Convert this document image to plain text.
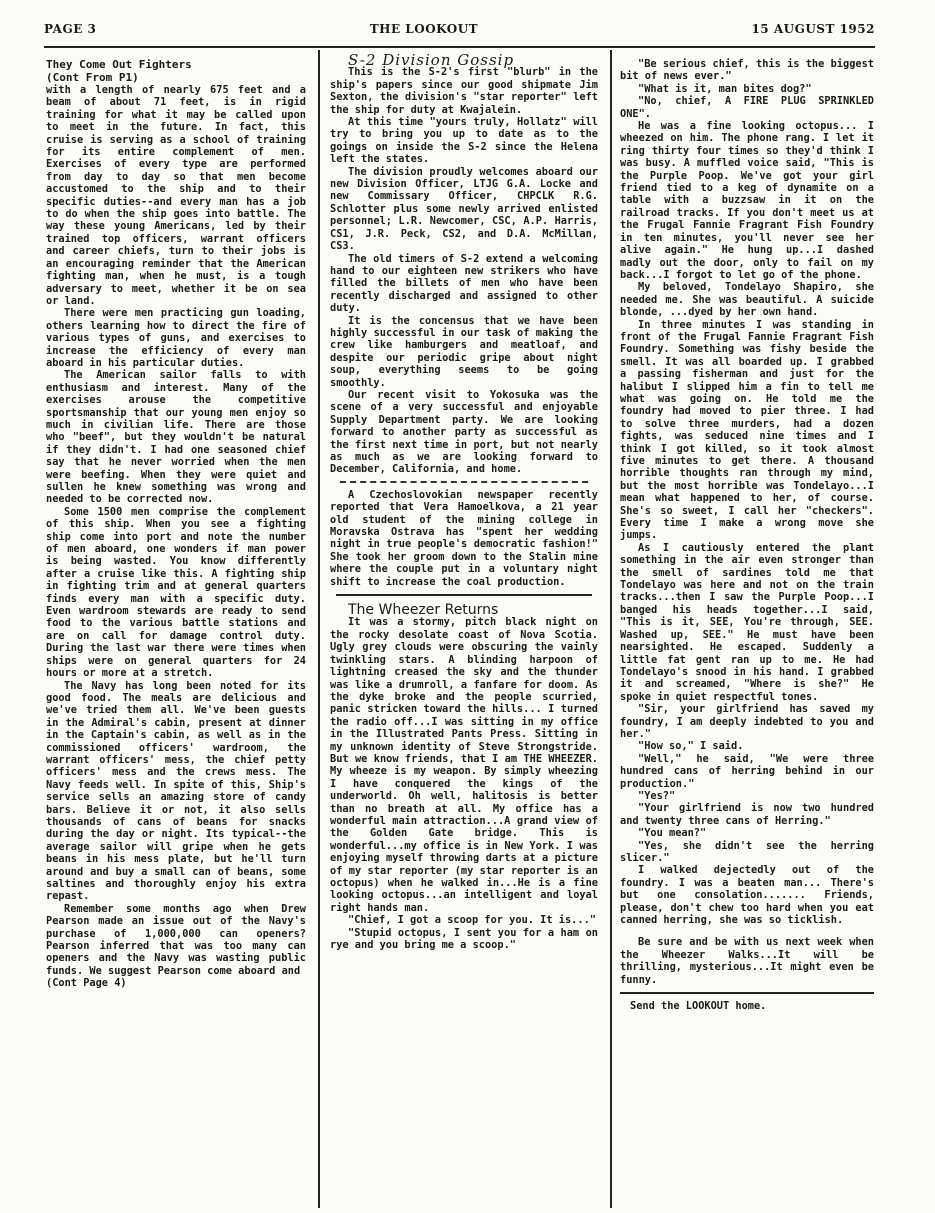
PAGE 3	THE LOOKOUT	15 AUGUST 1952

They Come Out Fighters

(Cont From P1)

with a length of nearly 675 feet and a beam of about 71 feet, is in rigid training for what it may be called upon to meet in the future. In fact, this cruise is serving as a school of training for its entire complement of men. Exercises of every type are performed from day to day so that men become accustomed to the ship and to their specific duties--and every man has a job to do when the ship goes into battle. The way these young Americans, led by their trained top officers, warrant officers and career chiefs, turn to their jobs is an encouraging reminder that the American fighting man, when he must, is a tough adversary to meet, whether it be on sea or land.

There were men practicing gun loading, others learning how to direct the fire of various types of guns, and exercises to increase the efficiency of every man aboard in his particular duties.

The American sailor falls to with enthusiasm and interest. Many of the exercises arouse the competitive sportsmanship that our young men enjoy so much in civilian life. There are those who "beef", but they wouldn't be natural if they didn't. I had one seasoned chief say that he never worried when the men were beefing. When they were quiet and sullen he knew something was wrong and needed to be corrected now.

Some 1500 men comprise the complement of this ship. When you see a fighting ship come into port and note the number of men aboard, one wonders if man power is being wasted. You know differently after a cruise like this. A fighting ship in fighting trim and at general quarters finds every man with a specific duty. Even wardroom stewards are ready to send food to the various battle stations and are on call for damage control duty. During the last war there were times when ships were on general quarters for 24 hours or more at a stretch.

The Navy has long been noted for its good food. The meals are delicious and we've tried them all. We've been guests in the Admiral's cabin, present at dinner in the Captain's cabin, as well as in the commissioned officers' wardroom, the warrant officers' mess, the chief petty officers' mess and the crews mess. The Navy feeds well. In spite of this, Ship's service sells an amazing store of candy bars. Believe it or not, it also sells thousands of cans of beans for snacks during the day or night. Its typical--the average sailor will gripe when he gets beans in his mess plate, but he'll turn around and buy a small can of beans, some saltines and thoroughly enjoy his extra repast.

Remember some months ago when Drew Pearson made an issue out of the Navy's purchase of 1,000,000 can openers? Pearson inferred that was too many can openers and the Navy was wasting public funds. We suggest Pearson come aboard and

(Cont Page 4)

S-2 Division Gossip

This is the S-2's first "blurb" in the ship's papers since our good shipmate Jim Sexton, the division's "star reporter" left the ship for duty at Kwajalein.

At this time "yours truly, Hollatz" will try to bring you up to date as to the goings on inside the S-2 since the Helena left the states.

The division proudly welcomes aboard our new Division Officer, LTJG G.A. Locke and new Commissary Officer, CHPCLK R.G. Schlotter plus some newly arrived enlisted personnel; L.R. Newcomer, CSC, A.P. Harris, CS1, J.R. Peck, CS2, and D.A. McMillan, CS3.

The old timers of S-2 extend a welcoming hand to our eighteen new strikers who have filled the billets of men who have been recently discharged and assigned to other duty.

It is the concensus that we have been highly successful in our task of making the crew like hamburgers and meatloaf, and despite our periodic gripe about night soup, everything seems to be going smoothly.

Our recent visit to Yokosuka was the scene of a very successful and enjoyable Supply Department party. We are looking forward to another party as successful as the first next time in port, but not nearly as much as we are looking forward to December, California, and home.

A Czechoslovokian newspaper recently reported that Vera Hamoelkova, a 21 year old student of the mining college in Moravska Ostrava has "spent her wedding night in true people's democratic fashion!" She took her groom down to the Stalin mine where the couple put in a voluntary night shift to increase the coal production.

The Wheezer Returns

It was a stormy, pitch black night on the rocky desolate coast of Nova Scotia. Ugly grey clouds were obscuring the vainly twinkling stars. A blinding harpoon of lightning creased the sky and the thunder was like a drumroll, a fanfare for doom. As the dyke broke and the people scurried, panic stricken toward the hills... I turned the radio off...I was sitting in my office in the Illustrated Pants Press. Sitting in my unknown identity of Steve Strongstride. But we know friends, that I am THE WHEEZER. My wheeze is my weapon. By simply wheezing I have conquered the kings of the underworld. Oh well, halitosis is better than no breath at all. My office has a wonderful main attraction...A grand view of the Golden Gate bridge. This is wonderful...my office is in New York. I was enjoying myself throwing darts at a picture of my star reporter (my star reporter is an octopus) when he walked in...He is a fine looking octopus...an intelligent and loyal right hands man.

"Chief, I got a scoop for you. It is..."

"Stupid octopus, I sent you for a ham on rye and you bring me a scoop."

"Be serious chief, this is the biggest bit of news ever."

"What is it, man bites dog?"

"No, chief, A FIRE PLUG SPRINKLED ONE".

He was a fine looking octopus... I wheezed on him. The phone rang. I let it ring thirty four times so they'd think I was busy. A muffled voice said, "This is the Purple Poop. We've got your girl friend tied to a keg of dynamite on a table with a buzzsaw in it on the railroad tracks. If you don't meet us at the Frugal Fannie Fragrant Fish Foundry in ten minutes, you'll never see her alive again." He hung up...I dashed madly out the door, only to fail on my back...I forgot to let go of the phone.

My beloved, Tondelayo Shapiro, she needed me. She was beautiful. A suicide blonde, ...dyed by her own hand.

In three minutes I was standing in front of the Frugal Fannie Fragrant Fish Foundry. Something was fishy beside the smell. It was all boarded up. I grabbed a passing fisherman and just for the halibut I slipped him a fin to tell me what was going on. He told me the foundry had moved to pier three. I had to solve three murders, had a dozen fights, was seduced nine times and I think I got killed, so it took almost five minutes to get there. A thousand horrible thoughts ran through my mind, but the most horrible was Tondelayo...I mean what happened to her, of course. She's so sweet, I call her "checkers". Every time I make a wrong move she jumps.

As I cautiously entered the plant something in the air even stronger than the smell of sardines told me that Tondelayo was here and not on the train tracks...then I saw the Purple Poop...I banged his heads together...I said, "This is it, SEE, You're through, SEE. Washed up, SEE." He must have been nearsighted. He escaped. Suddenly a little fat gent ran up to me. He had Tondelayo's snood in his hand. I grabbed it and screamed, "Where is she?" He spoke in quiet respectful tones.

"Sir, your girlfriend has saved my foundry, I am deeply indebted to you and her."

"How so," I said.

"Well," he said, "We were three hundred cans of herring behind in our production."

"Yes?"

"Your girlfriend is now two hundred and twenty three cans of Herring."

"You mean?"

"Yes, she didn't see the herring slicer."

I walked dejectedly out of the foundry. I was a beaten man... There's but one consolation....... Friends, please, don't chew too hard when you eat canned herring, she was so ticklish.

Be sure and be with us next week when the Wheezer Walks...It will be thrilling, mysterious...It might even be funny.

Send the LOOKOUT home.
